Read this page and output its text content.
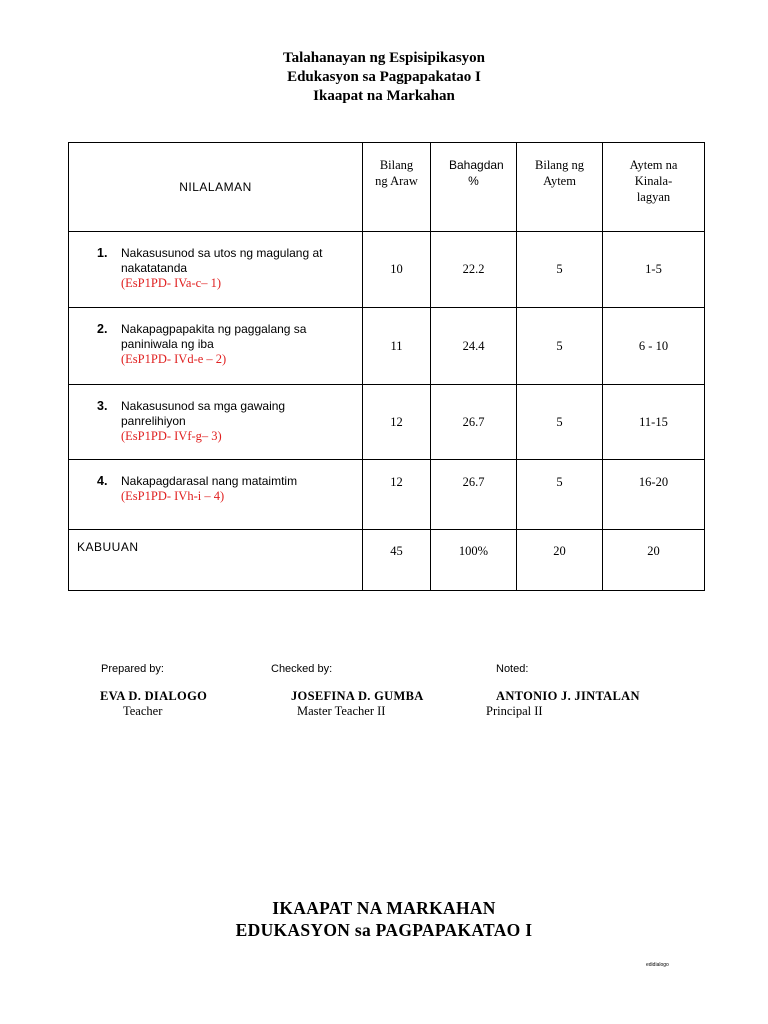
Talahanayan ng Espisipikasyon
Edukasyon sa Pagpapakatao I
Ikaapat na Markahan
NILALAMAN	Bilang ng Araw	Bahagdan %	Bilang ng Aytem	Aytem na Kinala-lagyan

1. Nakasusunod sa utos ng magulang at nakatatanda
(EsP1PD- IVa-c– 1)	10	22.2	5	1-5

2. Nakapagpapakita ng paggalang sa paniniwala ng iba
(EsP1PD- IVd-e – 2)	11	24.4	5	6 - 10

3. Nakasusunod sa mga gawaing panrelihiyon
(EsP1PD- IVf-g– 3)	12	26.7	5	11-15

4. Nakapagdarasal nang mataimtim
(EsP1PD- IVh-i – 4)	12	26.7	5	16-20
KABUUAN	45	100%	20	20
Prepared by:
EVA D. DIALOGO
Teacher
Checked by:
JOSEFINA D. GUMBA
Master Teacher II
Noted:
ANTONIO J. JINTALAN
Principal II
IKAAPAT NA MARKAHAN
EDUKASYON sa PAGPAPAKATAO I
edidialogo
